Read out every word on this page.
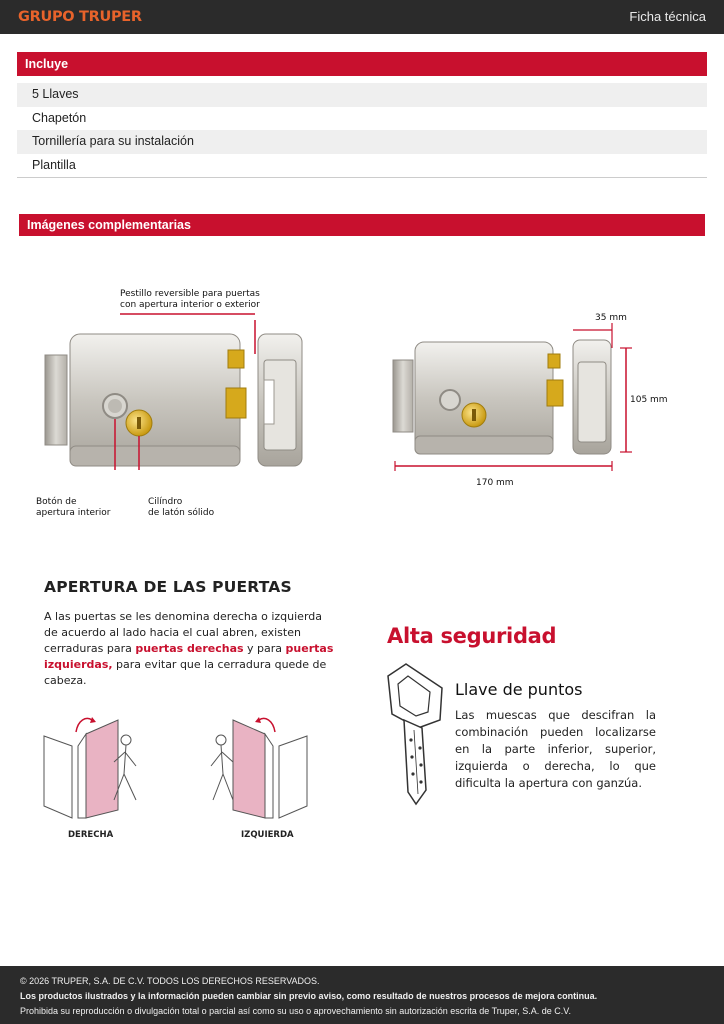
GRUPO TRUPER	Ficha técnica
Incluye
5 Llaves
Chapetón
Tornillería para su instalación
Plantilla
Imágenes complementarias
Pestillo reversible para puertas
con apertura interior o exterior
Botón de
apertura interior
Cilíndro
de latón sólido
35 mm
105 mm
170 mm
APERTURA DE LAS PUERTAS
A las puertas se les denomina derecha o izquierda de acuerdo al lado hacia el cual abren, existen cerraduras para puertas derechas y para puertas izquierdas, para evitar que la cerradura quede de cabeza.
DERECHA	IZQUIERDA
Alta seguridad
Llave de puntos
Las muescas que descifran la combinación pueden localizarse en la parte inferior, superior, izquierda o derecha, lo que dificulta la apertura con ganzúa.
© 2026 TRUPER, S.A. DE C.V. TODOS LOS DERECHOS RESERVADOS.
Los productos ilustrados y la información pueden cambiar sin previo aviso, como resultado de nuestros procesos de mejora continua.
Prohibida su reproducción o divulgación total o parcial así como su uso o aprovechamiento sin autorización escrita de Truper, S.A. de C.V.
